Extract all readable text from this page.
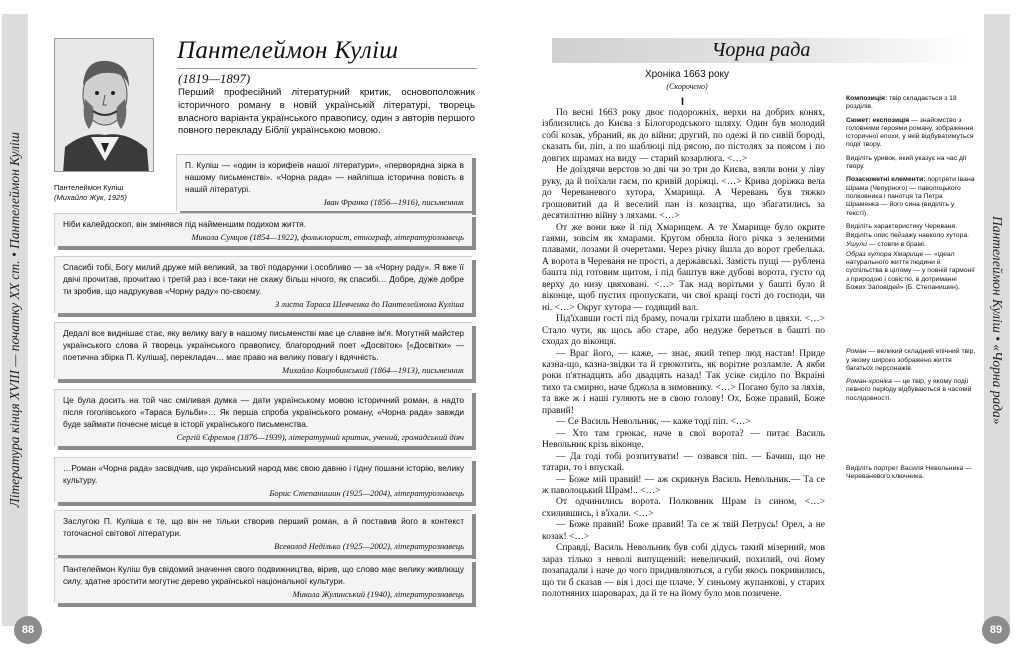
Література кінця XVIII — початку XX ст. • Пантелеймон Куліш	Пантелеймон Куліш • «Чорна рада»
88	89
Пантелеймон Куліш
(Михайло Жук, 1925)
Пантелеймон Куліш
(1819—1897)
Перший професійний літературний критик, основоположник історичного роману в новій українській літературі, творець власного варіанта українського правопису, один з авторів першого повного перекладу Біблії українською мовою.
П. Куліш — «один із корифеїв нашої літератури», «перворядна зірка в нашому письменстві». «Чорна рада» — найліпша історична повість в нашій літературі.
Іван Франко (1856—1916), письменник
Ніби калейдоскоп, він змінявся під найменшим подихом життя.
Микола Сумцов (1854—1922), фольклорист, етнограф, літературознавець
Спасибі тобі, Богу милий друже мій великий, за твої подарунки і особливо — за «Чорну раду». Я вже її двічі прочитав, прочитаю і третій раз і все-таки не скажу більш нічого, як спасибі… Добре, дуже добре ти зробив, що надрукував «Чорну раду» по-своєму.
З листа Тараса Шевченка до Пантелеймона Куліша
Дедалі все виднішає стає, яку велику вагу в нашому письменстві має це славне ім'я. Могутній майстер українського слова й творець українського правопису, благородний поет «Досвіток» [«Досвітки» — поетична збірка П. Куліша], перекладач… має право на велику повагу і вдячність.
Михайло Коцюбинський (1864—1913), письменник
Це була досить на той час сміливая думка — дати українському мовою історичний роман, а надто після гоголівського «Тараса Бульби»… Як перша спроба українського роману, «Чорна рада» завжди буде займати почесне місце в історії українського письменства.
Сергій Єфремов (1876—1939), літературний критик, учений, громадський діяч
…Роман «Чорна рада» засвідчив, що український народ має свою давню і гідну пошани історію, велику культуру.
Борис Степанишин (1925—2004), літературознавець
Заслугою П. Куліша є те, що він не тільки створив перший роман, а й поставив його в контекст тогочасної світової літератури.
Всеволод Неділько (1925—2002), літературознавець
Пантелеймон Куліш був свідомий значення свого подвижництва, вірив, що слово має велику живлющу силу, здатне зростити могутнє дерево української національної культури.
Микола Жулинський (1940), літературознавець
Чорна рада
Хроніка 1663 року
(Скорочено)
I

По весні 1663 року двоє подорожніх, верхи на добрих конях, ізблизились до Києва з Білогородського шляху. Один був молодий собі козак, убраний, як до війни; другий, по одежі й по сивій бороді, сказать би, піп, а по шаблюці під рясою, по пістолях за поясом і по довгих шрамах на виду — старий козарлюга. <…>

Не доїздячи верстов зо дві чи зо три до Києва, взяли вони у ліву руку, да й поїхали гаєм, по кривій доріжці. <…> Крива доріжка вела до Череваневого хутора, Хмарища. А Черевань був тяжко грошовитий да й веселий пан із козацтва, що збагатились за десятилітню війну з ляхами. <…>

От же вони вже й під Хмарищем. А те Хмарище було окрите гаями, зовсім як хмарами. Кругом обняла його річка з зеленими плавами, лозами й очеретами. Через річку йшла до ворот гребелька. А ворота в Череваня не прості, а державські. Замість пущі — рублена башта під готовим щитом, і під баштув вже дубові ворота, густо од верху до низу цвяховані. <…> Так над ворітьми у башті було й віконце, щоб пустих пропускати, чи свої кращі гості до господи, чи ні. <…> Округ хутора — годящий вал.

Під'їхавши гості під браму, почали гріхати шаблею в цвяхи. <…> Стало чути, як щось або старе, або недуже береться в башті по сходах до віконця.

— Враг його, — каже, — знає, який тепер люд настав! Приде казна-що, казна-звідки та й грюкотить, як ворітне розламле. А якби роки п'ятнадцять або двадцять назад! Так усіке сиділо по Вкраїні тихо та смирно, наче бджола в зимовнику. <…> Погано було за ляхів, та вже ж і наші гуляють не в свою голову! Ох, Боже правий, Боже правий!

— Се Василь Невольник, — каже тоді піп. <…>

— Хто там грюкає, наче в свої ворота? — питає Василь Невольник крізь віконце.

— Да годі тобі розпитувати! — озвався піп. — Бачиш, що не татари, то і впускай.

— Боже мій правий! — аж скрикнув Василь Невольник.— Та се ж паволоцький Шрам!.. <…>

От одчинились ворота. Полковник Шрам із сином, <…> схилившись, і в'їхали. <…>

— Боже правий! Боже правий! Та се ж твій Петрусь! Орел, а не козак! <…>

Справді, Василь Невольник був собі дідусь такий мізерний, мов зараз тілько з неволі випущений: невеличкий, похилий, очі йому позападали і наче до чого придивляються, а губи якось покривились, що ти б сказав — вія і досі ще плаче. У синьому жупанкові, у старих полотняних шароварах, да й те на йому було мов позичене.

Композиція: твір складається з 18 розділів.
Сюжет: експозиція — знайомство з головними героями роману, зображення історичної епохи, у якій відбуватимуться події твору.
Виділіть уривок, який указує на час дії твору.
Позасюжетні елементи: портрети Івана Шрама (Чепурного) — паволоцького полковника і панотця та Петра Шраменка — його сина (виділіть у тексті).
Виділіть характеристику Череваня.
Виділіть опис пейзажу навколо хутора.
Ушули — стовпи в брамі.
Образ хутора Хмарище — «ідеал натурального життя людини й суспільства в цілому — у повній гармонії з природою і совістю, в дотриманні Божих Заповідей» (Б. Степанишин).
Роман — великий складний епічний твір, у якому широко зображено життя багатьох персонажів.
Роман-хроніка — це твір, у якому події певного періоду відбуваються в часовій послідовності.
Виділіть портрет Василя Невольника — Череваневого ключника.
